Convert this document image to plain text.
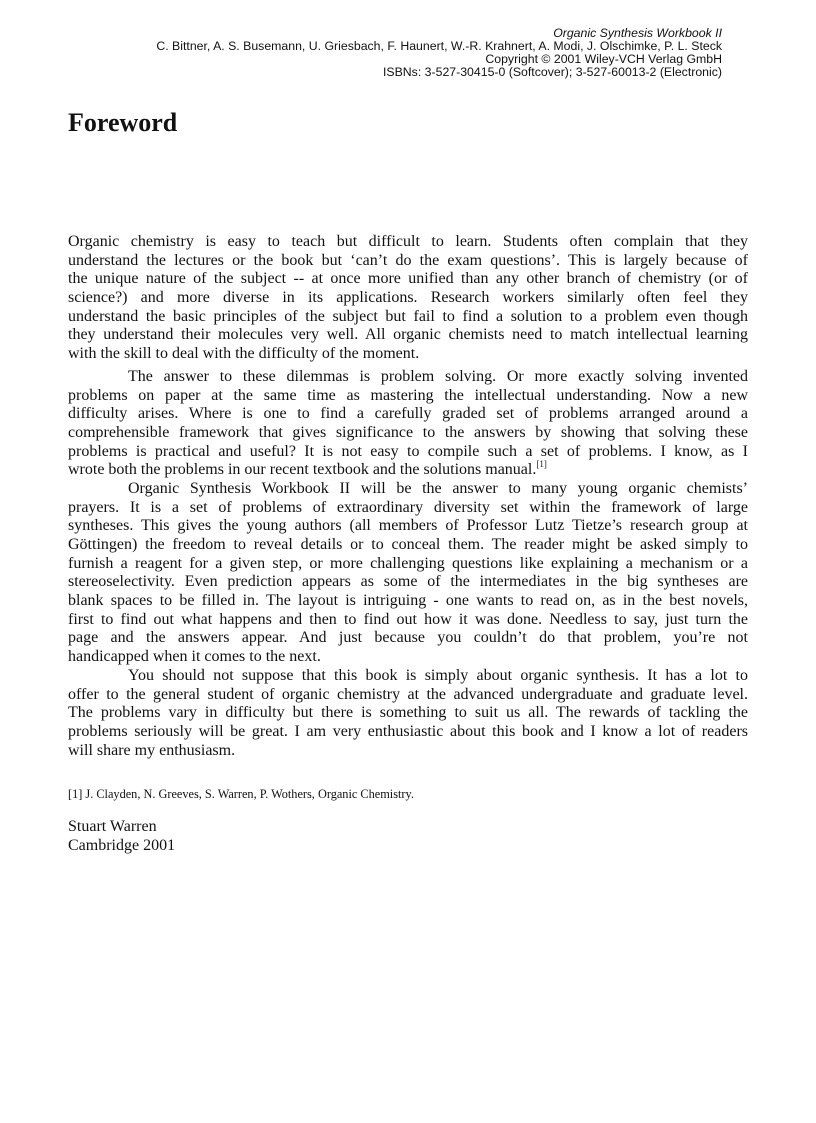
Organic Synthesis Workbook II
C. Bittner, A. S. Busemann, U. Griesbach, F. Haunert, W.-R. Krahnert, A. Modi, J. Olschimke, P. L. Steck
Copyright © 2001 Wiley-VCH Verlag GmbH
ISBNs: 3-527-30415-0 (Softcover); 3-527-60013-2 (Electronic)
Foreword
Organic chemistry is easy to teach but difficult to learn. Students often complain that they
understand the lectures or the book but ‘can’t do the exam questions’. This is largely because of
the unique nature of the subject -- at once more unified than any other branch of chemistry (or of
science?) and more diverse in its applications. Research workers similarly often feel they
understand the basic principles of the subject but fail to find a solution to a problem even though
they understand their molecules very well. All organic chemists need to match intellectual learning
with the skill to deal with the difficulty of the moment.
The answer to these dilemmas is problem solving. Or more exactly solving invented
problems on paper at the same time as mastering the intellectual understanding. Now a new
difficulty arises. Where is one to find a carefully graded set of problems arranged around a
comprehensible framework that gives significance to the answers by showing that solving these
problems is practical and useful? It is not easy to compile such a set of problems. I know, as I
wrote both the problems in our recent textbook and the solutions manual.[1]
Organic Synthesis Workbook II will be the answer to many young organic chemists’
prayers. It is a set of problems of extraordinary diversity set within the framework of large
syntheses. This gives the young authors (all members of Professor Lutz Tietze’s research group at
Göttingen) the freedom to reveal details or to conceal them. The reader might be asked simply to
furnish a reagent for a given step, or more challenging questions like explaining a mechanism or a
stereoselectivity. Even prediction appears as some of the intermediates in the big syntheses are
blank spaces to be filled in. The layout is intriguing - one wants to read on, as in the best novels,
first to find out what happens and then to find out how it was done. Needless to say, just turn the
page and the answers appear. And just because you couldn’t do that problem, you’re not
handicapped when it comes to the next.
You should not suppose that this book is simply about organic synthesis. It has a lot to
offer to the general student of organic chemistry at the advanced undergraduate and graduate level.
The problems vary in difficulty but there is something to suit us all. The rewards of tackling the
problems seriously will be great. I am very enthusiastic about this book and I know a lot of readers
will share my enthusiasm.
[1] J. Clayden, N. Greeves, S. Warren, P. Wothers, Organic Chemistry.
Stuart Warren
Cambridge 2001
